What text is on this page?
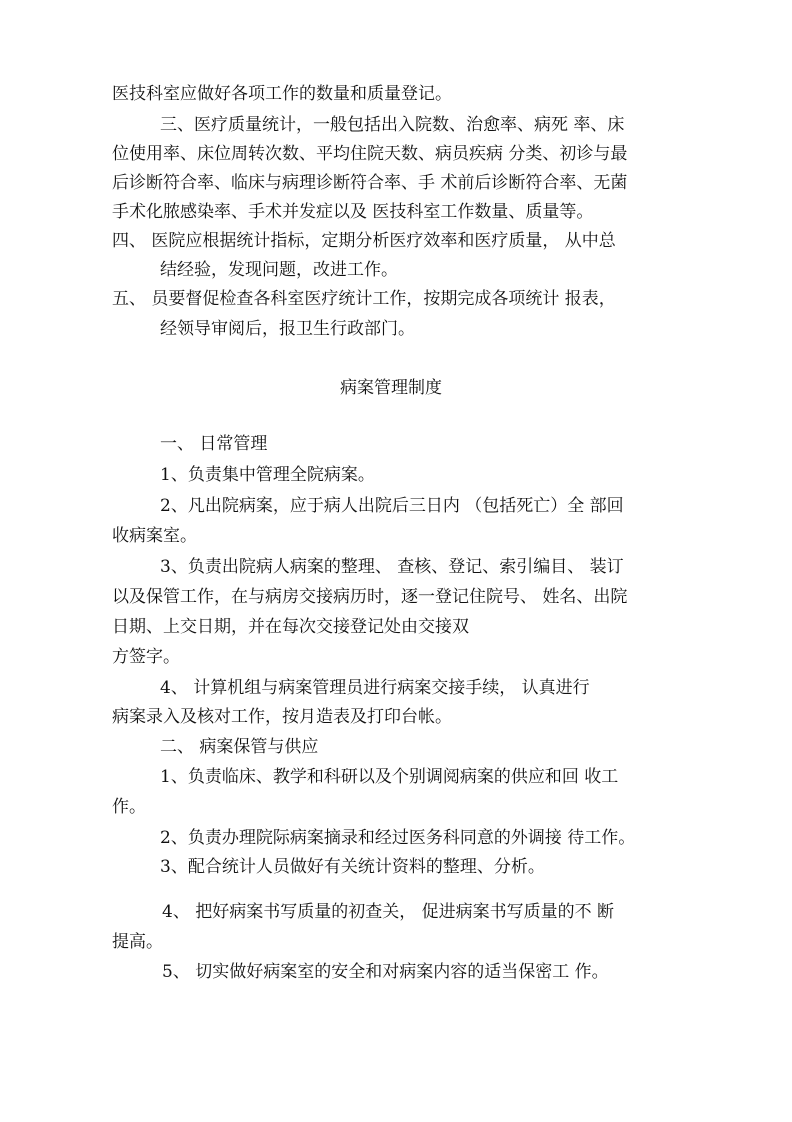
医技科室应做好各项工作的数量和质量登记。

三、医疗质量统计，一般包括出入院数、治愈率、病死 率、床

位使用率、床位周转次数、平均住院天数、病员疾病 分类、初诊与最

后诊断符合率、临床与病理诊断符合率、手 术前后诊断符合率、无菌

手术化脓感染率、手术并发症以及 医技科室工作数量、质量等。

四、 医院应根据统计指标，定期分析医疗效率和医疗质量， 从中总

结经验，发现问题，改进工作。

五、 员要督促检查各科室医疗统计工作，按期完成各项统计 报表，

经领导审阅后，报卫生行政部门。

病案管理制度

一、 日常管理

1、负责集中管理全院病案。

2、凡出院病案，应于病人出院后三日内 （包括死亡）全 部回

收病案室。

3、负责出院病人病案的整理、 查核、登记、索引编目、 装订

以及保管工作，在与病房交接病历时，逐一登记住院号、 姓名、出院

日期、上交日期，并在每次交接登记处由交接双

方签字。

4、 计算机组与病案管理员进行病案交接手续， 认真进行

病案录入及核对工作，按月造表及打印台帐。

二、 病案保管与供应

1、负责临床、教学和科研以及个别调阅病案的供应和回 收工

作。

2、负责办理院际病案摘录和经过医务科同意的外调接 待工作。

3、配合统计人员做好有关统计资料的整理、分析。

4、 把好病案书写质量的初查关， 促进病案书写质量的不 断

提高。

5、 切实做好病案室的安全和对病案内容的适当保密工 作。
